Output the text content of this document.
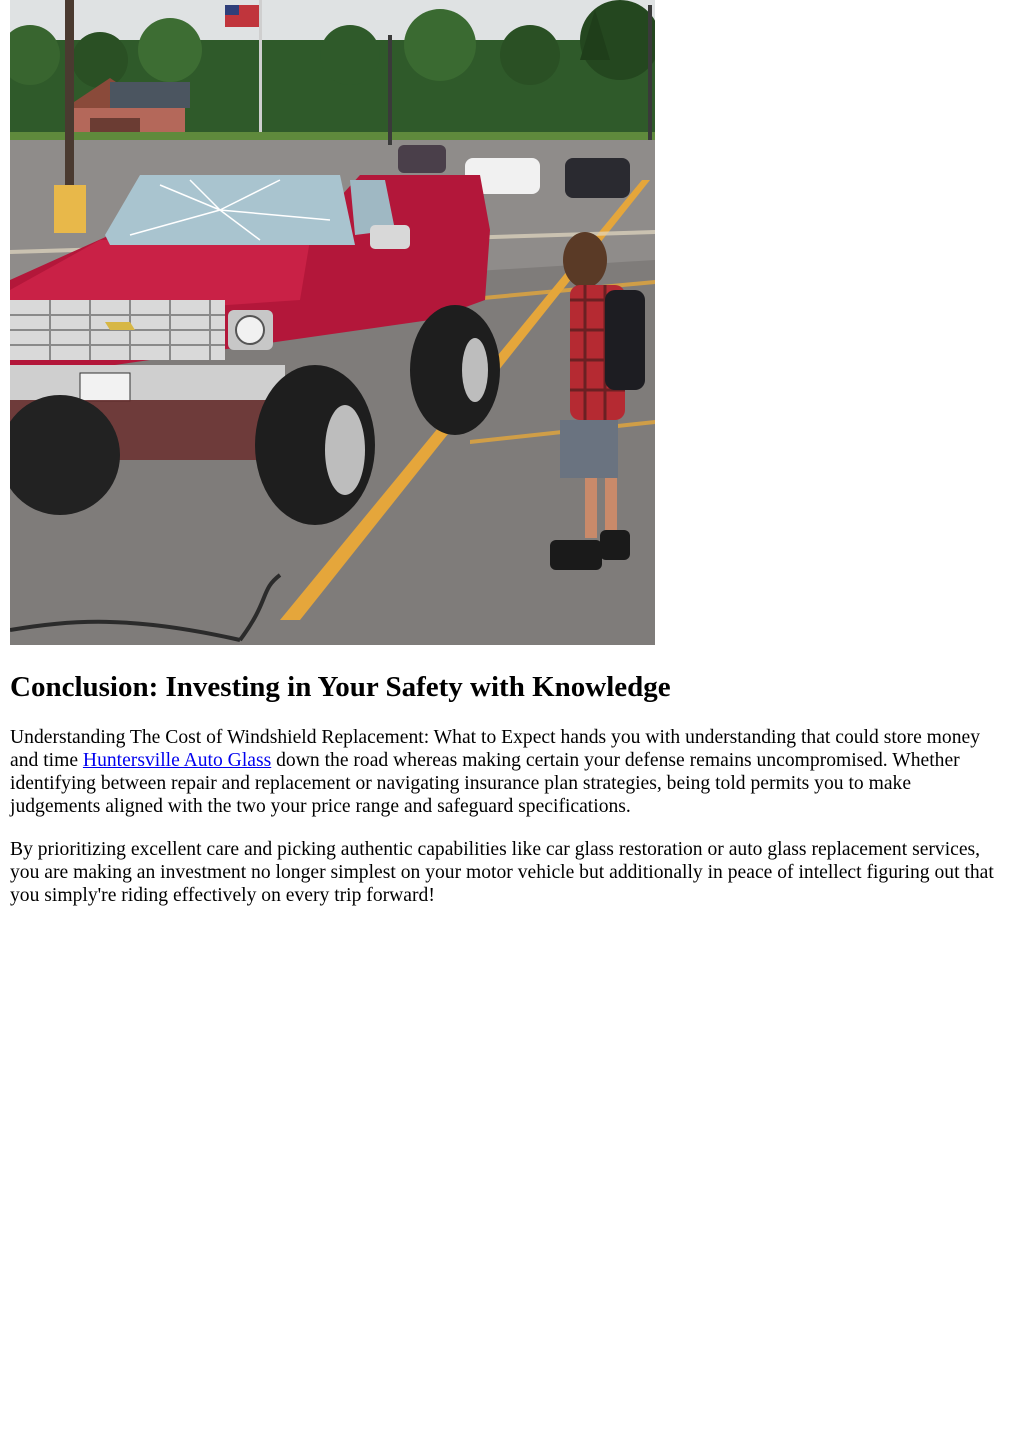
Conclusion: Investing in Your Safety with Knowledge

Understanding The Cost of Windshield Replacement: What to Expect hands you with understanding that could store money and time Huntersville Auto Glass down the road whereas making certain your defense remains uncompromised. Whether identifying between repair and replacement or navigating insurance plan strategies, being told permits you to make judgements aligned with the two your price range and safeguard specifications.

By prioritizing excellent care and picking authentic capabilities like car glass restoration or auto glass replacement services, you are making an investment no longer simplest on your motor vehicle but additionally in peace of intellect figuring out that you simply're riding effectively on every trip forward!
